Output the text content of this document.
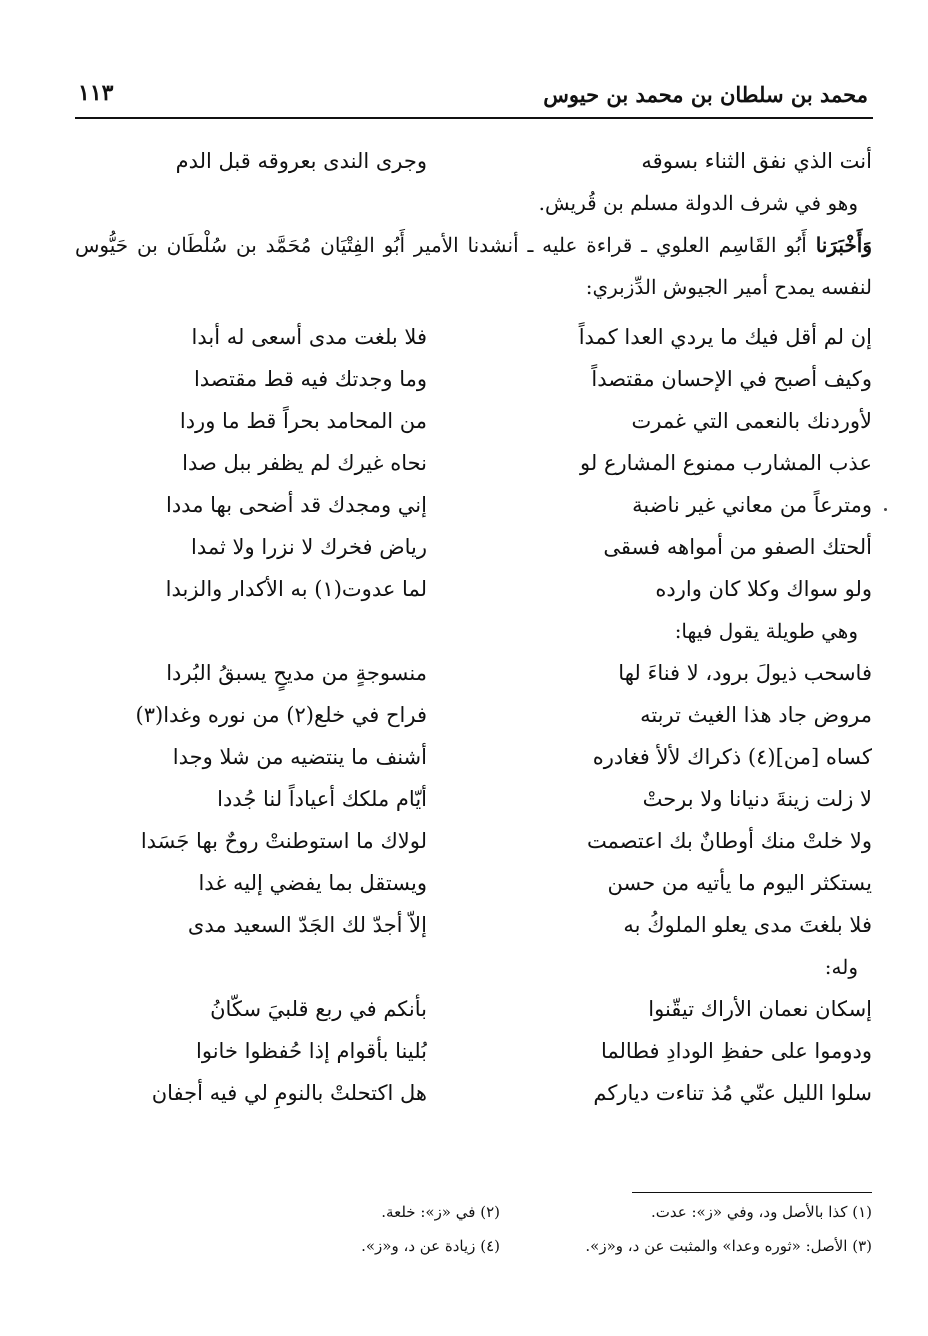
محمد بن سلطان بن محمد بن حيوس
١١٣
أنت الذي نفق الثناء بسوقه
وجرى الندى بعروقه قبل الدم
وهو في شرف الدولة مسلم بن قُريش.
وَأَخْبَرَنا أَبُو القَاسِم العلوي ـ قراءة عليه ـ أنشدنا الأمير أَبُو الفِتْيَان مُحَمَّد بن سُلْطَان بن حَيُّوس لنفسه يمدح أمير الجيوش الدِّزبري:
إن لم أقل فيك ما يردي العدا كمداً
فلا بلغت مدى أسعى له أبدا
وكيف أصبح في الإحسان مقتصداً
وما وجدتك فيه قط مقتصدا
لأوردنك بالنعمى التي غمرت
من المحامد بحراً قط ما وردا
عذب المشارب ممنوع المشارع لو
نحاه غيرك لم يظفر ببل صدا
ومترعاً من معاني غير ناضبة
إني ومجدك قد أضحى بها مددا
ألحتك الصفو من أمواهه فسقى
رياض فخرك لا نزرا ولا ثمدا
ولو سواك وكلا كان وارده
لما عدوت(١) به الأكدار والزبدا
وهي طويلة يقول فيها:
فاسحب ذيولَ برود، لا فناءَ لها
منسوجةٍ من مديحٍ يسبقُ البُردا
مروض جاد هذا الغيث تربته
فراح في خلع(٢) من نوره وغدا(٣)
كساه [من](٤) ذكراك لألأ فغادره
أشنف ما ينتضيه من شلا وجدا
لا زلت زينةَ دنيانا ولا برحتْ
أيّام ملكك أعياداً لنا جُددا
ولا خلتْ منك أوطانٌ بك اعتصمت
لولاك ما استوطنتْ روحٌ بها جَسَدا
يستكثر اليوم ما يأتيه من حسن
ويستقل بما يفضي إليه غدا
فلا بلغتَ مدى يعلو الملوكُ به
إلاّ أجدّ لك الجَدّ السعيد مدى
وله:
إسكان نعمان الأراك تيقّنوا
بأنكم في ربع قلبيَ سكّانُ
ودوموا على حفظِ الودادِ فطالما
بُلينا بأقوام إذا حُفظوا خانوا
سلوا الليل عنّي مُذ تناءت دياركم
هل اكتحلتْ بالنومِ لي فيه أجفان
(١) كذا بالأصل ود، وفي «ز»: عدت.
(٢) في «ز»: خلعة.
(٣) الأصل: «ثوره وعدا» والمثبت عن د، و«ز».
(٤) زيادة عن د، و«ز».
